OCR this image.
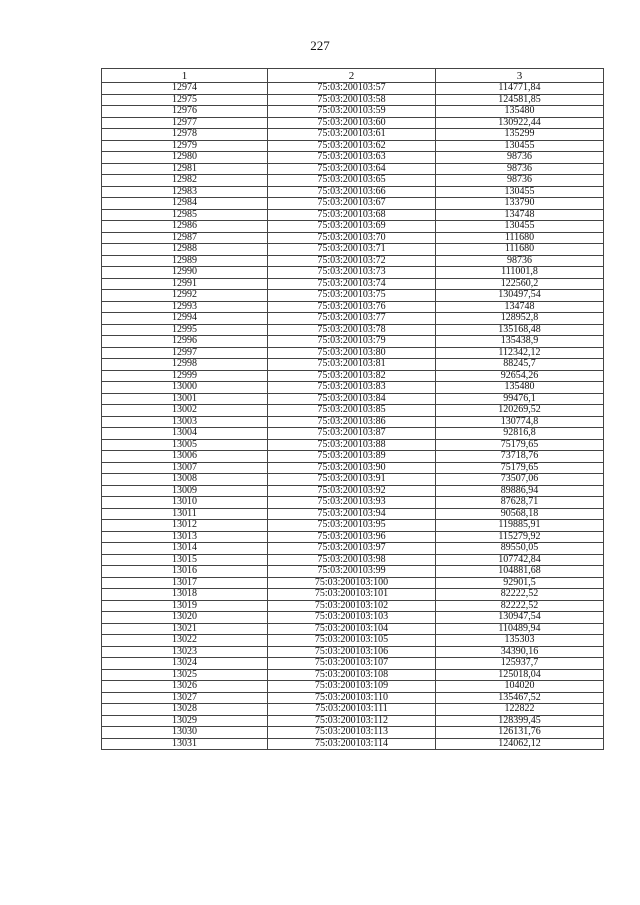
227
1	2	3
12974	75:03:200103:57	114771,84
12975	75:03:200103:58	124581,85
12976	75:03:200103:59	135480
12977	75:03:200103:60	130922,44
12978	75:03:200103:61	135299
12979	75:03:200103:62	130455
12980	75:03:200103:63	98736
12981	75:03:200103:64	98736
12982	75:03:200103:65	98736
12983	75:03:200103:66	130455
12984	75:03:200103:67	133790
12985	75:03:200103:68	134748
12986	75:03:200103:69	130455
12987	75:03:200103:70	111680
12988	75:03:200103:71	111680
12989	75:03:200103:72	98736
12990	75:03:200103:73	111001,8
12991	75:03:200103:74	122560,2
12992	75:03:200103:75	130497,54
12993	75:03:200103:76	134748
12994	75:03:200103:77	128952,8
12995	75:03:200103:78	135168,48
12996	75:03:200103:79	135438,9
12997	75:03:200103:80	112342,12
12998	75:03:200103:81	88245,7
12999	75:03:200103:82	92654,26
13000	75:03:200103:83	135480
13001	75:03:200103:84	99476,1
13002	75:03:200103:85	120269,52
13003	75:03:200103:86	130774,8
13004	75:03:200103:87	92816,8
13005	75:03:200103:88	75179,65
13006	75:03:200103:89	73718,76
13007	75:03:200103:90	75179,65
13008	75:03:200103:91	73507,06
13009	75:03:200103:92	89886,94
13010	75:03:200103:93	87628,71
13011	75:03:200103:94	90568,18
13012	75:03:200103:95	119885,91
13013	75:03:200103:96	115279,92
13014	75:03:200103:97	89550,05
13015	75:03:200103:98	107742,84
13016	75:03:200103:99	104881,68
13017	75:03:200103:100	92901,5
13018	75:03:200103:101	82222,52
13019	75:03:200103:102	82222,52
13020	75:03:200103:103	130947,54
13021	75:03:200103:104	110489,94
13022	75:03:200103:105	135303
13023	75:03:200103:106	34390,16
13024	75:03:200103:107	125937,7
13025	75:03:200103:108	125018,04
13026	75:03:200103:109	104020
13027	75:03:200103:110	135467,52
13028	75:03:200103:111	122822
13029	75:03:200103:112	128399,45
13030	75:03:200103:113	126131,76
13031	75:03:200103:114	124062,12
